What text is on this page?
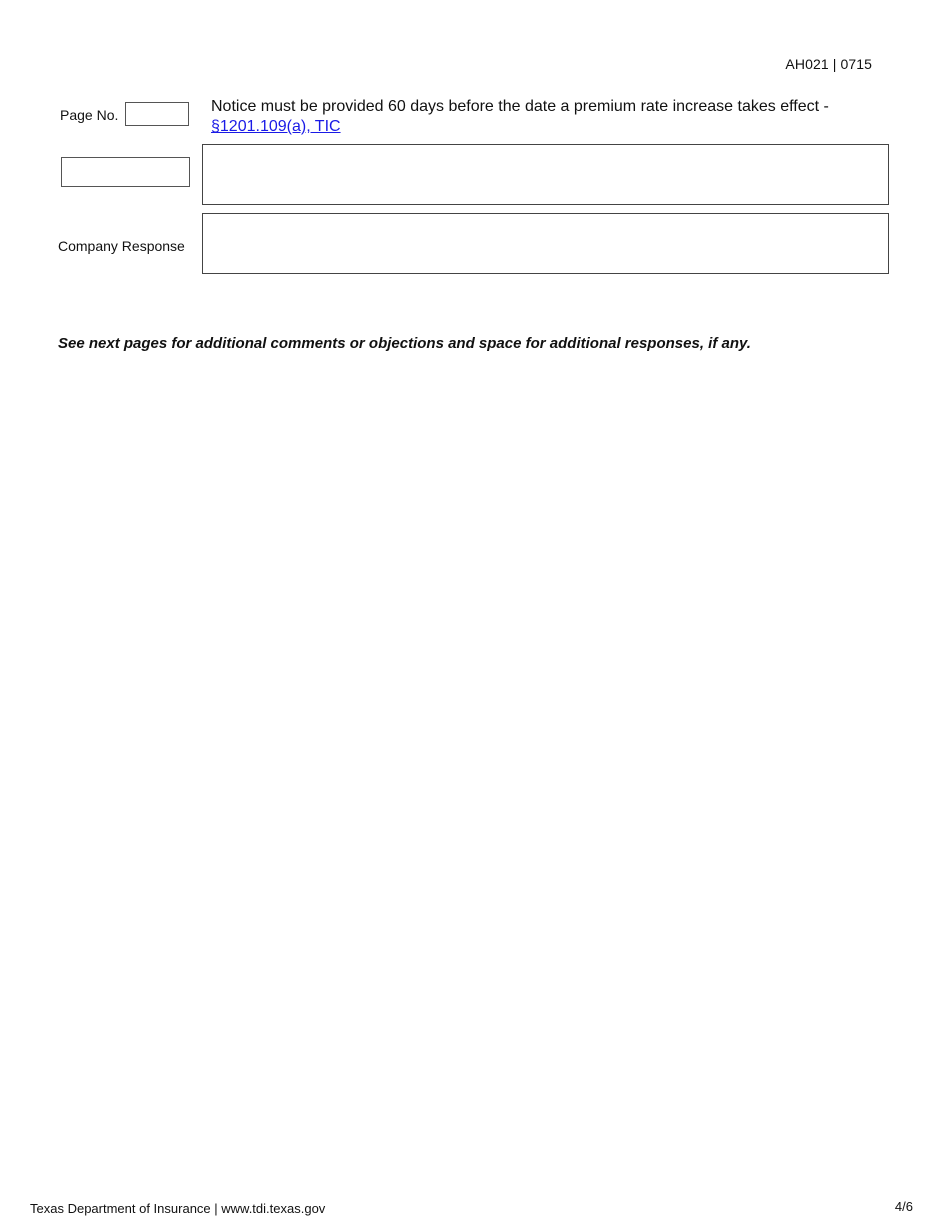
AH021 | 0715
Page No.	Notice must be provided 60 days before the date a premium rate increase takes effect -
§1201.109(a), TIC
Company Response
See next pages for additional comments or objections and space for additional responses, if any.
Texas Department of Insurance | www.tdi.texas.gov	4/6
